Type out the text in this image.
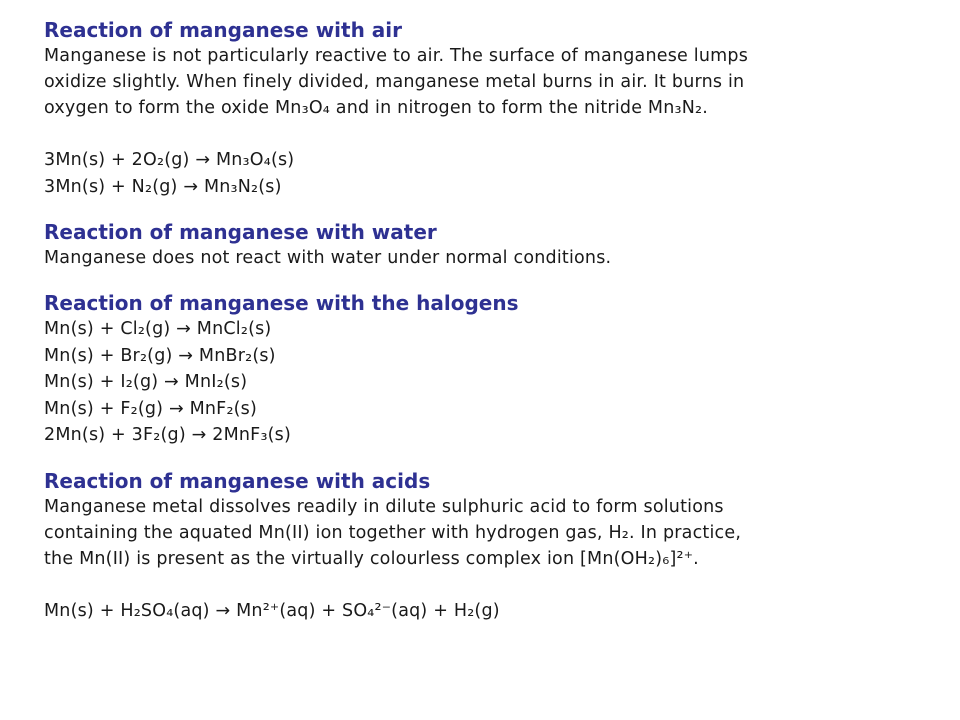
Reaction of manganese with air

Manganese is not particularly reactive to air. The surface of manganese lumps

oxidize slightly. When finely divided, manganese metal burns in air. It burns in

oxygen to form the oxide Mn₃O₄ and in nitrogen to form the nitride Mn₃N₂.

3Mn(s) + 2O₂(g) → Mn₃O₄(s)

3Mn(s) + N₂(g) → Mn₃N₂(s)

Reaction of manganese with water

Manganese does not react with water under normal conditions.

Reaction of manganese with the halogens

Mn(s) + Cl₂(g) → MnCl₂(s)

Mn(s) + Br₂(g) → MnBr₂(s)

Mn(s) + I₂(g) → MnI₂(s)

Mn(s) + F₂(g) → MnF₂(s)

2Mn(s) + 3F₂(g) → 2MnF₃(s)

Reaction of manganese with acids

Manganese metal dissolves readily in dilute sulphuric acid to form solutions

containing the aquated Mn(II) ion together with hydrogen gas, H₂. In practice,

the Mn(II) is present as the virtually colourless complex ion [Mn(OH₂)₆]²⁺.

Mn(s) + H₂SO₄(aq) → Mn²⁺(aq) + SO₄²⁻(aq) + H₂(g)
